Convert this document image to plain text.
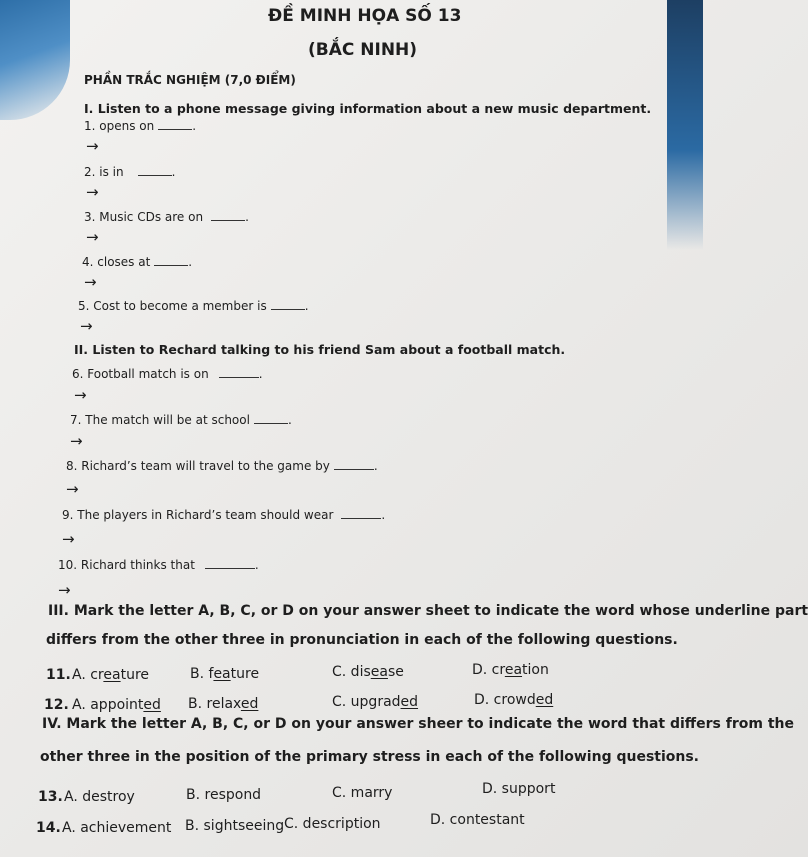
ĐỀ MINH HỌA SỐ 13
(BẮC NINH)
PHẦN TRẮC NGHIỆM (7,0 ĐIỂM)
I. Listen to a phone message giving information about a new music department.
1. opens on	.
→
2. is in	.
→
3. Music CDs are on	.
→
4. closes at	.
→
5. Cost to become a member is	.
→
II. Listen to Rechard talking to his friend Sam about a football match.
6. Football match is on	.
→
7. The match will be at school	.
→
8. Richard’s team will travel to the game by	.
→
9. The players in Richard’s team should wear	.
→
10. Richard thinks that	.
→
III. Mark the letter A, B, C, or D on your answer sheet to indicate the word whose underline part
differs from the other three in pronunciation in each of the following questions.
11. A. creature	B. feature	C. disease	D. creation
12. A. appointed B. relaxed	C. upgraded	D. crowded
IV. Mark the letter A, B, C, or D on your answer sheer to indicate the word that differs from the
other three in the position of the primary stress in each of the following questions.
13. A. destroy	B. respond	C. marry	D. support
14. A. achievement B. sightseeing C. description	D. contestant
